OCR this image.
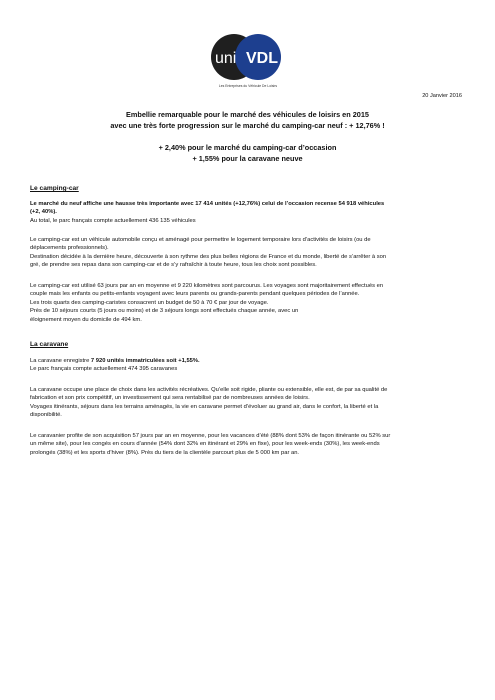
uni VDL
Les Entreprises du Véhicule De Loisirs
20 Janvier 2016
Embellie remarquable pour le marché des véhicules de loisirs en 2015
avec une très forte progression sur le marché du camping-car neuf : + 12,76% !
+ 2,40% pour le marché du camping-car d’occasion
+ 1,55% pour la caravane neuve
Le camping-car
Le marché du neuf affiche une hausse très importante avec 17 414 unités (+12,76%) celui de l’occasion recense 54 918 véhicules
(+2, 40%).
Au total, le parc français compte actuellement 436 135 véhicules
Le camping-car est un véhicule automobile conçu et aménagé pour permettre le logement temporaire lors d’activités de loisirs (ou de
déplacements professionnels).
Destination décidée à la dernière heure, découverte à son rythme des plus belles régions de France et du monde, liberté de s’arrêter à son
gré, de prendre ses repas dans son camping-car et de s’y rafraîchir à toute heure, tous les choix sont possibles.
Le camping-car est utilisé 63 jours par an en moyenne et 9 220 kilomètres sont parcourus. Les voyages sont majoritairement effectués en
couple mais les enfants ou petits-enfants voyagent avec leurs parents ou grands-parents pendant quelques périodes de l’année.
Les trois quarts des camping-caristes consacrent un budget de 50 à 70 € par jour de voyage.
Près de 10 séjours courts (5 jours ou moins) et de 3 séjours longs sont effectués chaque année, avec un
éloignement moyen du domicile de 494 km.
La caravane
La caravane enregistre 7 920 unités immatriculées soit +1,55%.
Le parc français compte actuellement 474 395 caravanes
La caravane occupe une place de choix dans les activités récréatives. Qu’elle soit rigide, pliante ou extensible, elle est, de par sa qualité de
fabrication et son prix compétitif, un investissement qui sera rentabilisé par de nombreuses années de loisirs.
Voyages itinérants, séjours dans les terrains aménagés, la vie en caravane permet d’évoluer au grand air, dans le confort, la liberté et la
disponibilité.
Le caravanier profite de son acquisition 57 jours par an en moyenne, pour les vacances d’été (88% dont 53% de façon itinérante ou 52% sur
un même site), pour les congés en cours d’année (54% dont 32% en itinérant et 29% en fixe), pour les week-ends (30%), les week-ends
prolongés (38%) et les sports d’hiver (8%). Près du tiers de la clientèle parcourt plus de 5 000 km par an.
